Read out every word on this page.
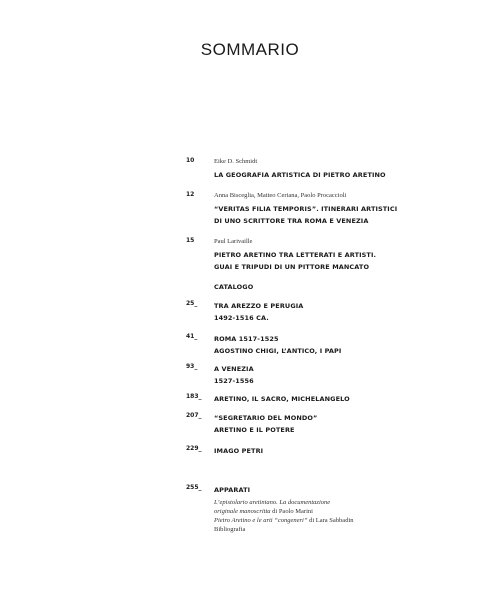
SOMMARIO
10	Eike D. Schmidt
LA GEOGRAFIA ARTISTICA DI PIETRO ARETINO
12	Anna Bisceglia, Matteo Ceriana, Paolo Procaccioli
“VERITAS FILIA TEMPORIS”. ITINERARI ARTISTICI
DI UNO SCRITTORE TRA ROMA E VENEZIA
15	Paul Larivaille
PIETRO ARETINO TRA LETTERATI E ARTISTI.
GUAI E TRIPUDI DI UN PITTORE MANCATO
CATALOGO
25_	TRA AREZZO E PERUGIA
1492-1516 CA.
41_	ROMA 1517-1525
AGOSTINO CHIGI, L’ANTICO, I PAPI
93_	A VENEZIA
1527-1556
183_ ARETINO, IL SACRO, MICHELANGELO
207_ “SEGRETARIO DEL MONDO”
ARETINO E IL POTERE
229_ IMAGO PETRI
255_ APPARATI
L’epistolario aretiniano. La documentazione
originale manoscritta di Paolo Marini
Pietro Aretino e le arti “congeneri” di Lara Sabbadin
Bibliografia
